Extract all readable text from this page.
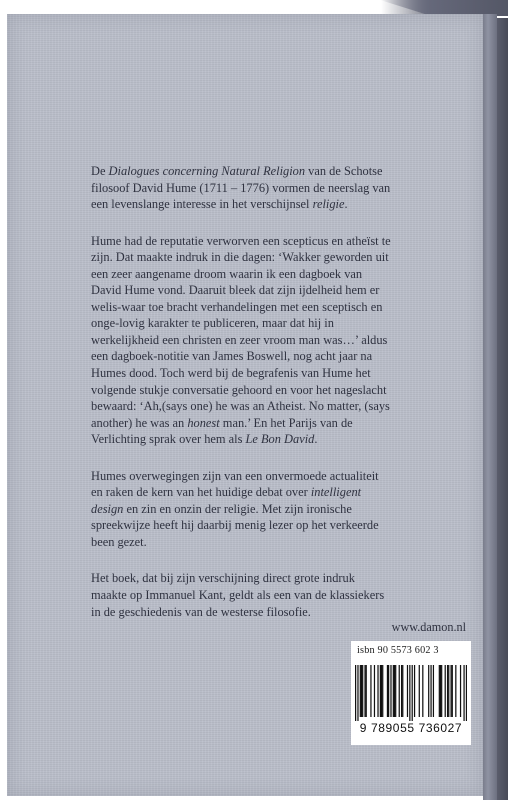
De Dialogues concerning Natural Religion van de Schotse filosoof David Hume (1711 – 1776) vormen de neerslag van een levenslange interesse in het verschijnsel religie.

Hume had de reputatie verworven een scepticus en atheïst te zijn. Dat maakte indruk in die dagen: ‘Wakker geworden uit een zeer aangename droom waarin ik een dagboek van David Hume vond. Daaruit bleek dat zijn ijdelheid hem er welis-waar toe bracht verhandelingen met een sceptisch en onge-lovig karakter te publiceren, maar dat hij in werkelijkheid een christen en zeer vroom man was…’ aldus een dagboek-notitie van James Boswell, nog acht jaar na Humes dood. Toch werd bij de begrafenis van Hume het volgende stukje conversatie gehoord en voor het nageslacht bewaard: ‘Ah,(says one) he was an Atheist. No matter, (says another) he was an honest man.’ En het Parijs van de Verlichting sprak over hem als Le Bon David.

Humes overwegingen zijn van een onvermoede actualiteit en raken de kern van het huidige debat over intelligent design en zin en onzin der religie. Met zijn ironische spreekwijze heeft hij daarbij menig lezer op het verkeerde been gezet.

Het boek, dat bij zijn verschijning direct grote indruk maakte op Immanuel Kant, geldt als een van de klassiekers in de geschiedenis van de westerse filosofie.

www.damon.nl
isbn 90 5573 602 3
9 789055 736027
